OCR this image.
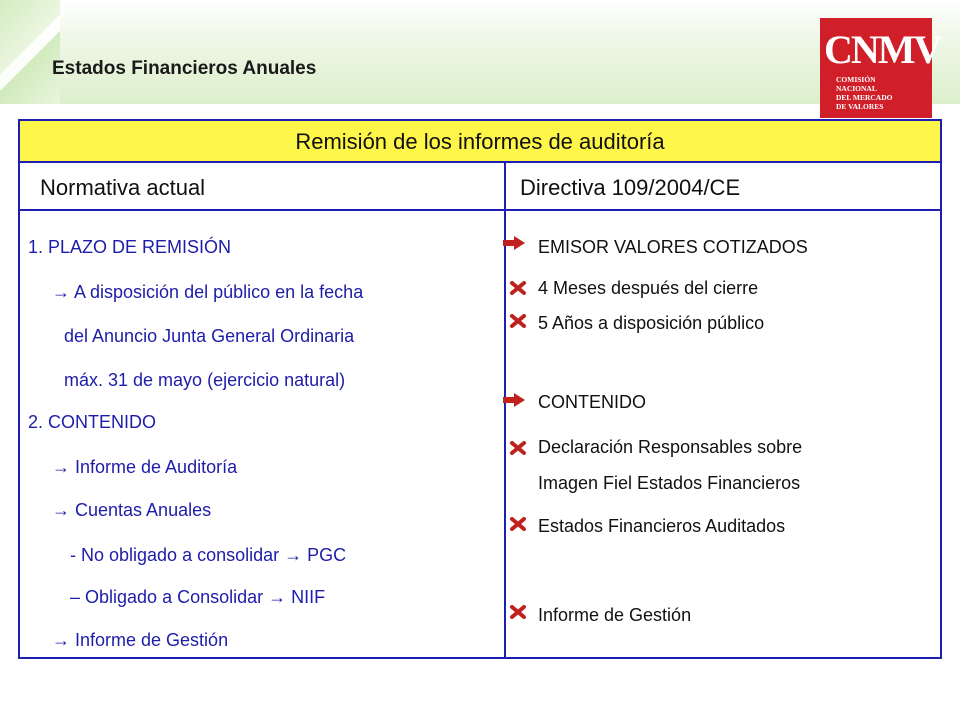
Estados Financieros Anuales	CNMV
COMISIÓN
NACIONAL
DEL MERCADO
DE VALORES
Remisión de los informes de auditoría
Normativa actual	Directiva 109/2004/CE
1. PLAZO DE REMISIÓN
→ A disposición del público en la fecha
del Anuncio Junta General Ordinaria
máx. 31 de mayo (ejercicio natural)
2. CONTENIDO
→ Informe de Auditoría
→ Cuentas Anuales
- No obligado a consolidar → PGC
– Obligado a Consolidar → NIIF
→ Informe de Gestión
EMISOR VALORES COTIZADOS
4 Meses después del cierre
5 Años a disposición público
CONTENIDO
Declaración Responsables sobre
Imagen Fiel Estados Financieros
Estados Financieros Auditados
Informe de Gestión
